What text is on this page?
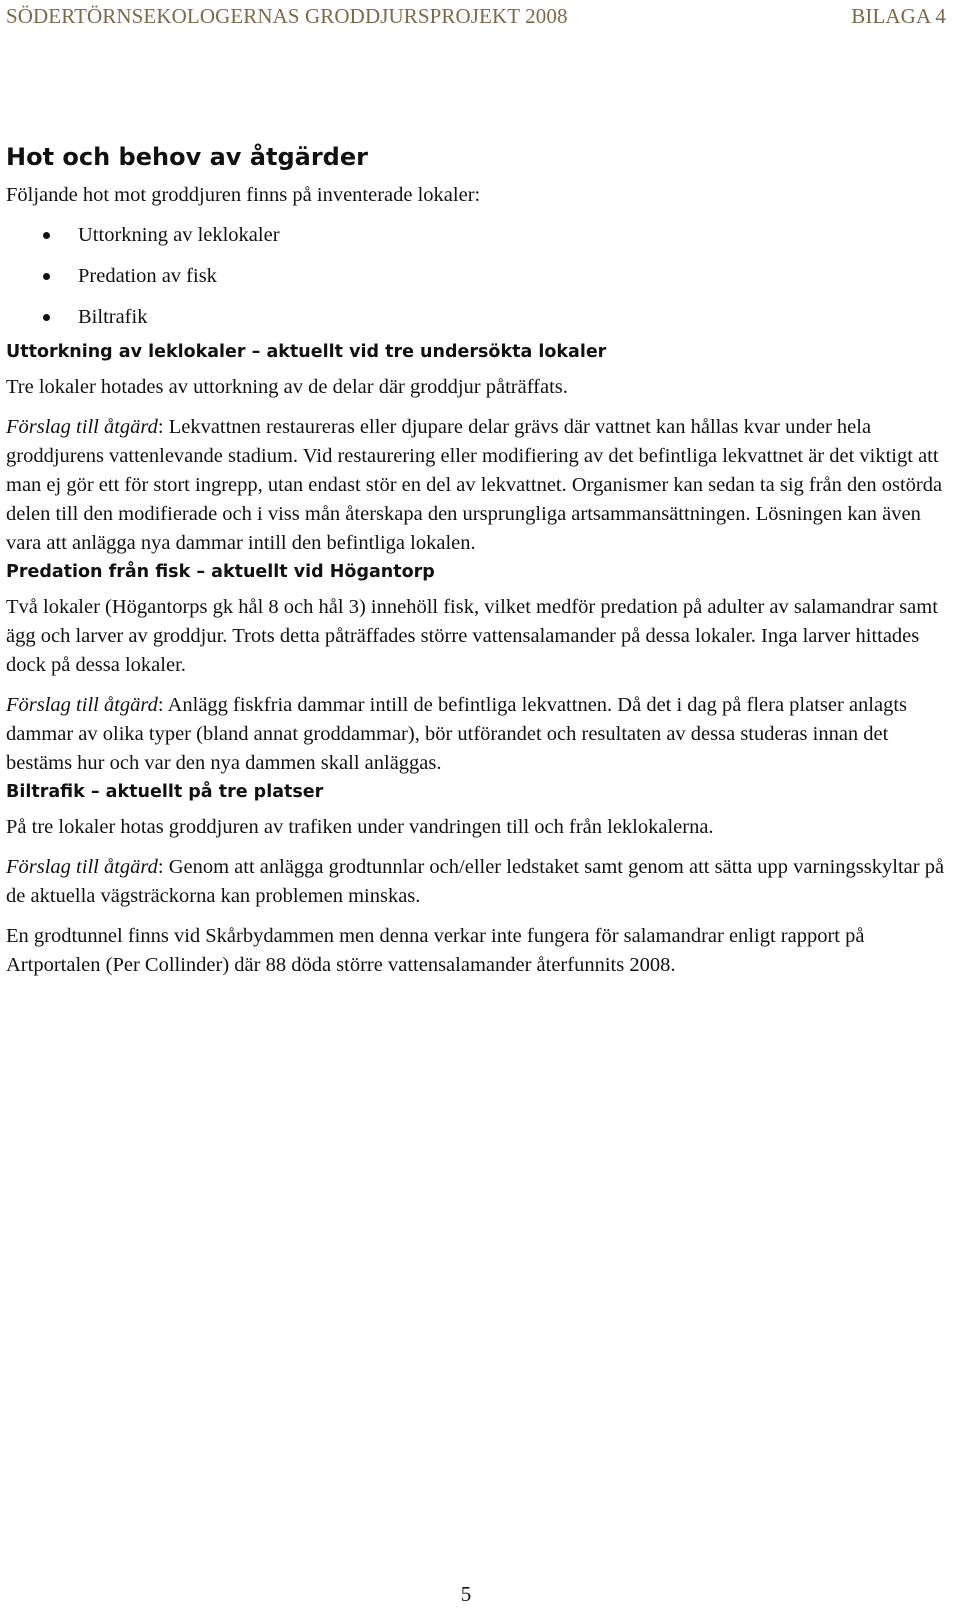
SÖDERTÖRNSEKOLOGERNAS GRODDJURSPROJEKT 2008	BILAGA 4
Hot och behov av åtgärder

Följande hot mot groddjuren finns på inventerade lokaler:

Uttorkning av leklokaler
Predation av fisk
Biltrafik
Uttorkning av leklokaler – aktuellt vid tre undersökta lokaler

Tre lokaler hotades av uttorkning av de delar där groddjur påträffats.

Förslag till åtgärd: Lekvattnen restaureras eller djupare delar grävs där vattnet kan hållas kvar under hela groddjurens vattenlevande stadium. Vid restaurering eller modifiering av det befintliga lekvattnet är det viktigt att man ej gör ett för stort ingrepp, utan endast stör en del av lekvattnet. Organismer kan sedan ta sig från den ostörda delen till den modifierade och i viss mån återskapa den ursprungliga artsammansättningen. Lösningen kan även vara att anlägga nya dammar intill den befintliga lokalen.

Predation från fisk – aktuellt vid Högantorp

Två lokaler (Högantorps gk hål 8 och hål 3) innehöll fisk, vilket medför predation på adulter av salamandrar samt ägg och larver av groddjur. Trots detta påträffades större vattensalamander på dessa lokaler. Inga larver hittades dock på dessa lokaler.

Förslag till åtgärd: Anlägg fiskfria dammar intill de befintliga lekvattnen. Då det i dag på flera platser anlagts dammar av olika typer (bland annat groddammar), bör utförandet och resultaten av dessa studeras innan det bestäms hur och var den nya dammen skall anläggas.

Biltrafik – aktuellt på tre platser

På tre lokaler hotas groddjuren av trafiken under vandringen till och från leklokalerna.

Förslag till åtgärd: Genom att anlägga grodtunnlar och/eller ledstaket samt genom att sätta upp varningsskyltar på de aktuella vägsträckorna kan problemen minskas.

En grodtunnel finns vid Skårbydammen men denna verkar inte fungera för salamandrar enligt rapport på Artportalen (Per Collinder) där 88 döda större vattensalamander återfunnits 2008.

5
